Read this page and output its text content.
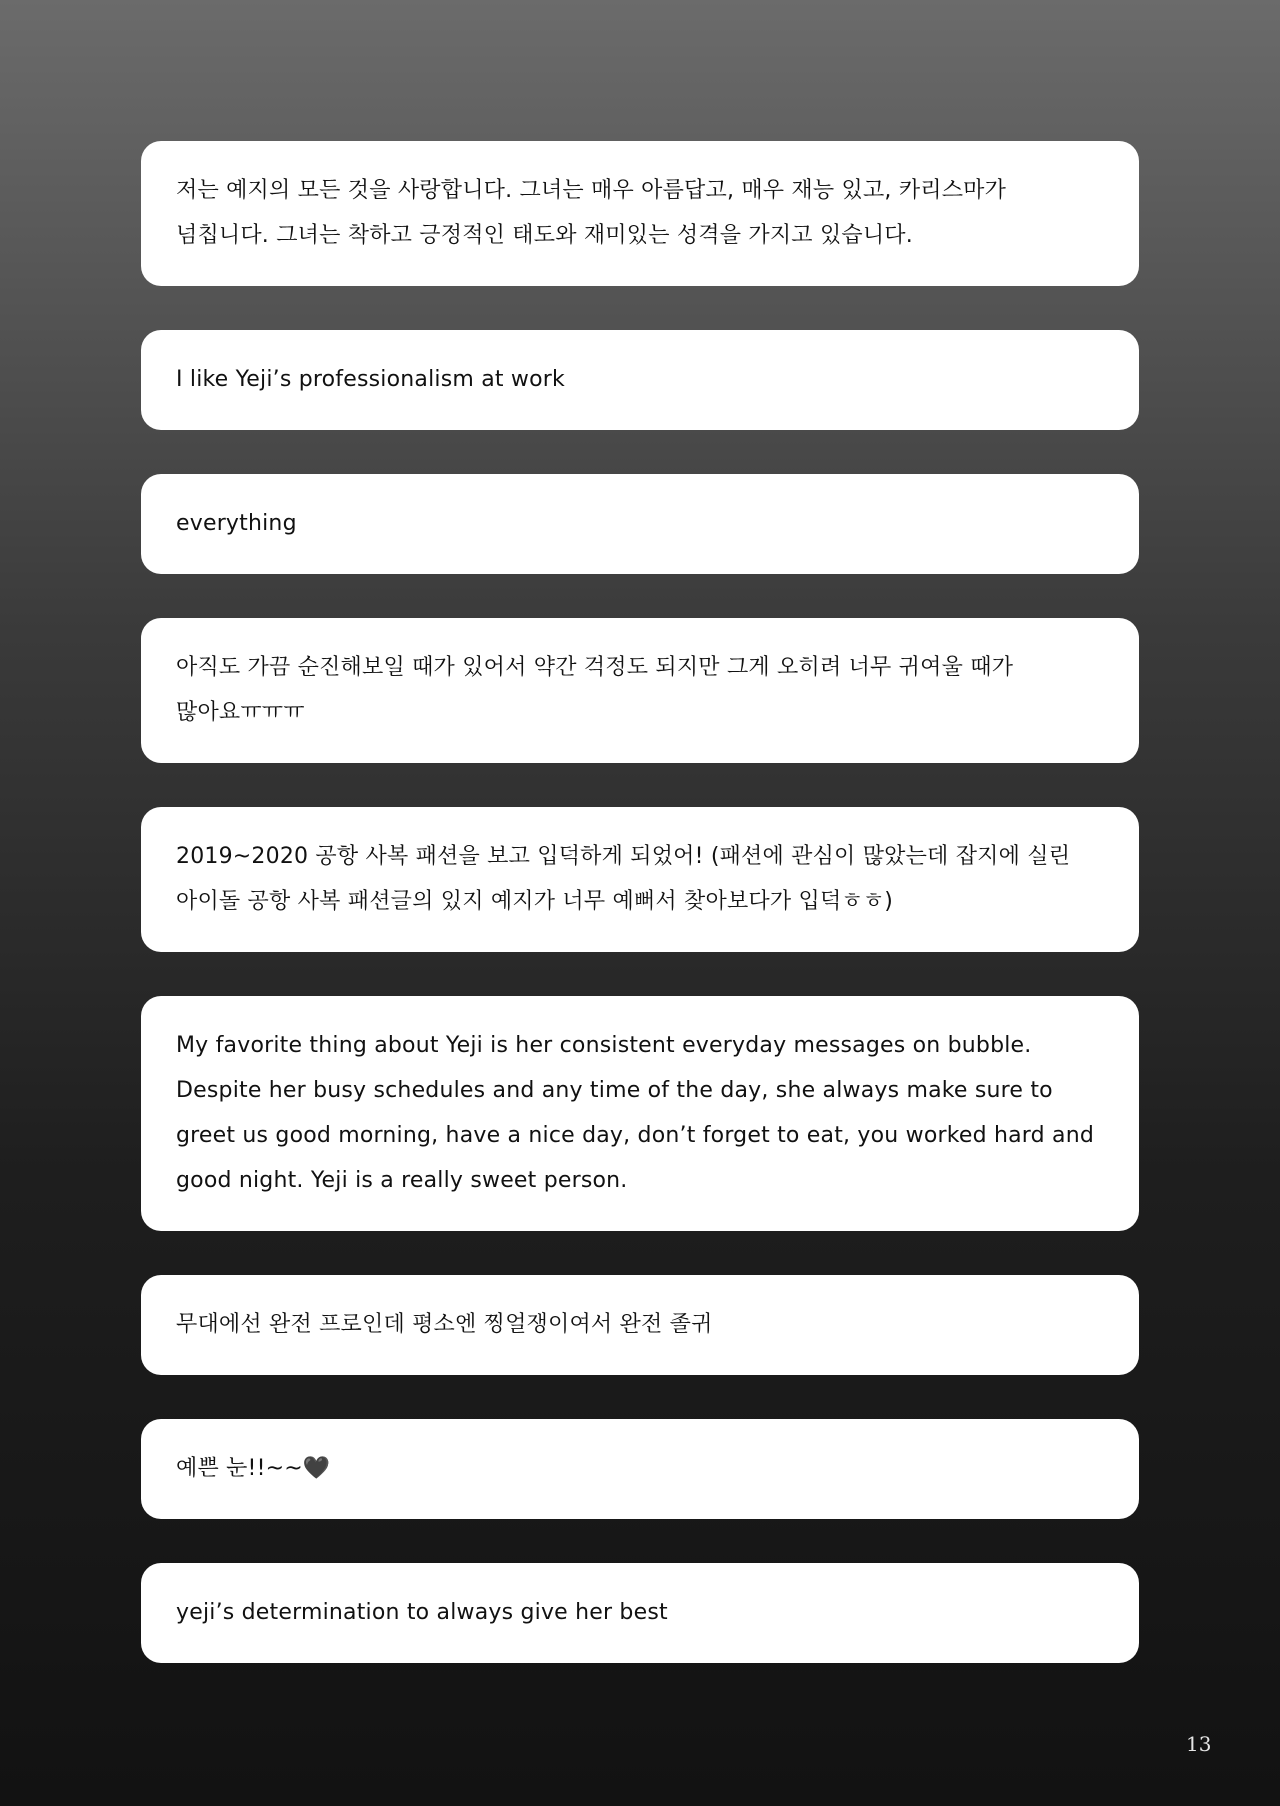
저는 예지의 모든 것을 사랑합니다. 그녀는 매우 아름답고, 매우 재능 있고, 카리스마가 넘칩니다. 그녀는 착하고 긍정적인 태도와 재미있는 성격을 가지고 있습니다.
I like Yeji’s professionalism at work
everything
아직도 가끔 순진해보일 때가 있어서 약간 걱정도 되지만 그게 오히려 너무 귀여울 때가 많아요ㅠㅠㅠ
2019~2020 공항 사복 패션을 보고 입덕하게 되었어! (패션에 관심이 많았는데 잡지에 실린 아이돌 공항 사복 패션글의 있지 예지가 너무 예뻐서 찾아보다가 입덕ㅎㅎ)
My favorite thing about Yeji is her consistent everyday messages on bubble. Despite her busy schedules and any time of the day, she always make sure to greet us good morning, have a nice day, don’t forget to eat, you worked hard and good night. Yeji is a really sweet person.
무대에선 완전 프로인데 평소엔 찡얼쟁이여서 완전 졸귀
예쁜 눈!!~~🖤
yeji’s determination to always give her best
13
